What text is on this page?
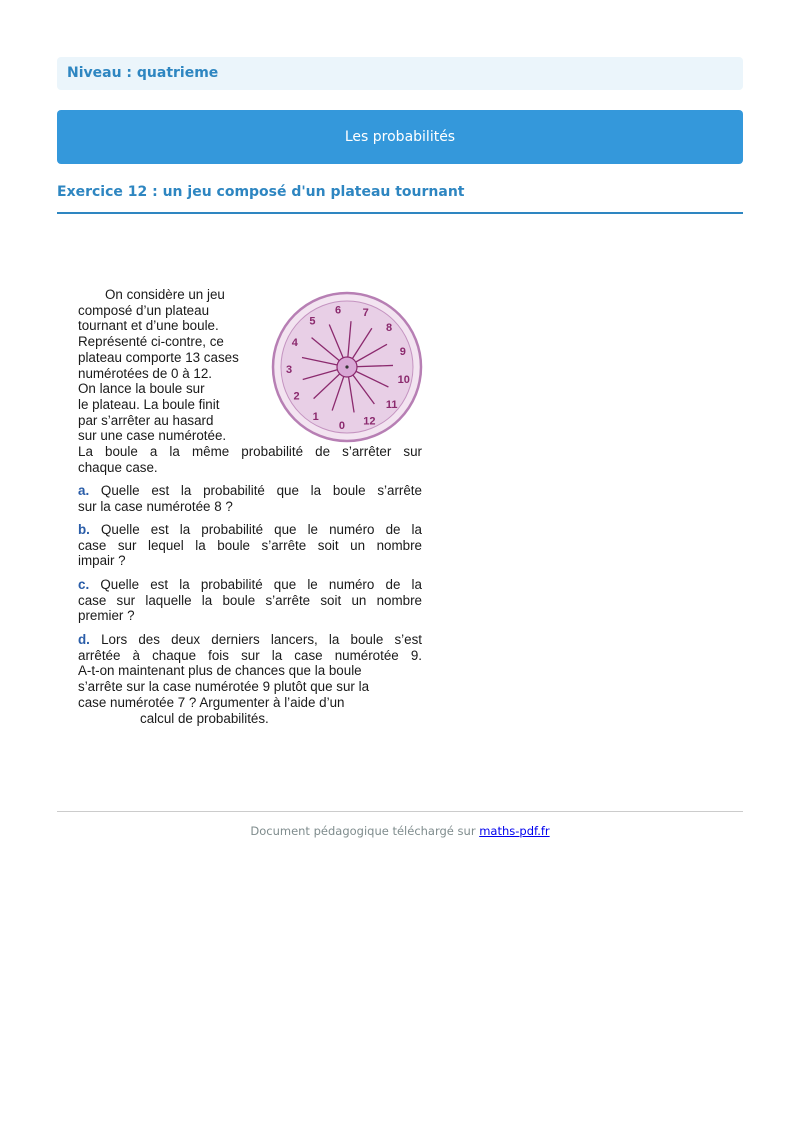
Niveau : quatrieme
Les probabilités
Exercice 12 : un jeu composé d'un plateau tournant
On considère un jeu
composé d’un plateau
tournant et d’une boule.
Représenté ci-contre, ce
plateau comporte 13 cases
numérotées de 0 à 12.
On lance la boule sur
le plateau. La boule finit
par s’arrêter au hasard
sur une case numérotée.
La boule a la même probabilité de s’arrêter sur
chaque case.
a. Quelle est la probabilité que la boule s’arrête
sur la case numérotée 8 ?
b. Quelle est la probabilité que le numéro de la
case sur lequel la boule s’arrête soit un nombre
impair ?
c. Quelle est la probabilité que le numéro de la
case sur laquelle la boule s’arrête soit un nombre
premier ?
d. Lors des deux derniers lancers, la boule s’est
arrêtée à chaque fois sur la case numérotée 9.
A-t-on maintenant plus de chances que la boule
s’arrête sur la case numérotée 9 plutôt que sur la
case numérotée 7 ? Argumenter à l’aide d’un
calcul de probabilités.
0
1
2
3
4
5
6 7
8
9
10
11
12
Document pédagogique téléchargé sur maths-pdf.fr
